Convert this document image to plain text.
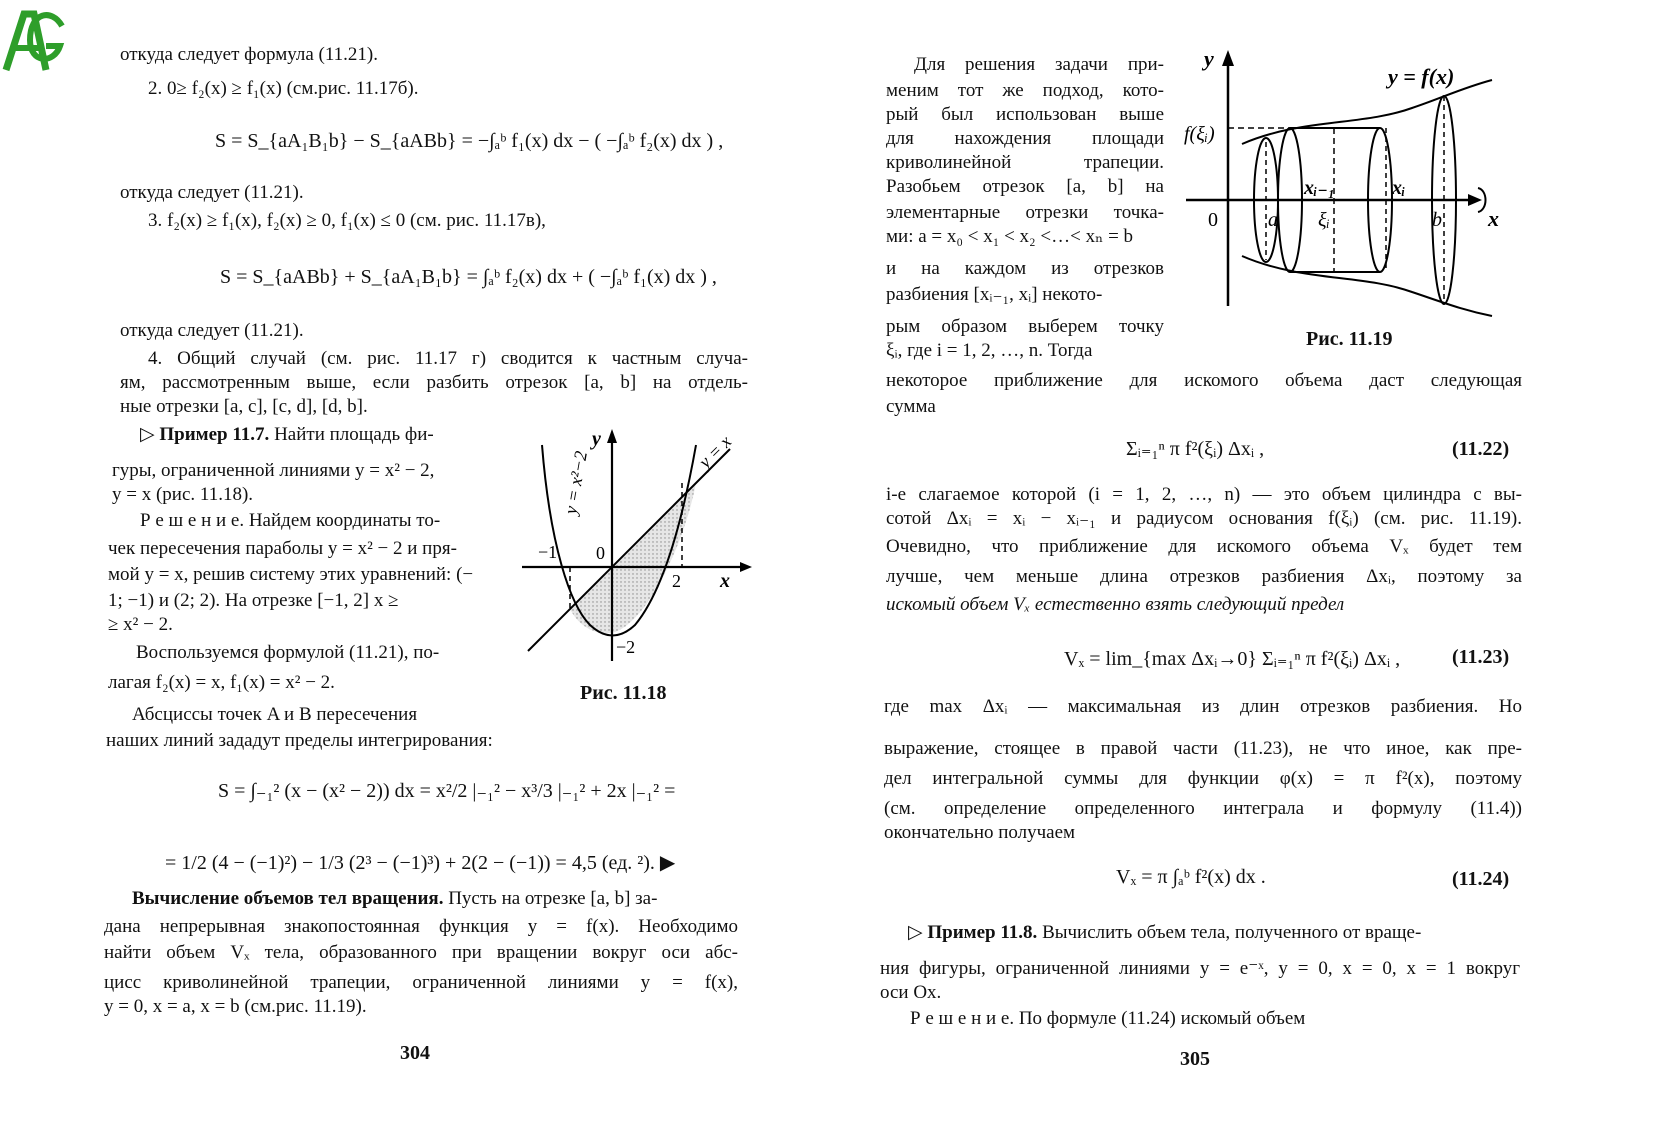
откуда следует формула (11.21).
2. 0≥ f₂(x) ≥ f₁(x) (см.рис. 11.17б).
S = S_{aA₁B₁b} − S_{aABb} = −∫ₐᵇ f₁(x) dx − ( −∫ₐᵇ f₂(x) dx ) ,
откуда следует (11.21).
3. f₂(x) ≥ f₁(x), f₂(x) ≥ 0, f₁(x) ≤ 0 (см. рис. 11.17в),
S = S_{aABb} + S_{aA₁B₁b} = ∫ₐᵇ f₂(x) dx + ( −∫ₐᵇ f₁(x) dx ) ,
откуда следует (11.21).
4. Общий случай (см. рис. 11.17 г) сводится к частным случа-
ям, рассмотренным выше, если разбить отрезок [a, b] на отдель-
ные отрезки [a, c], [c, d], [d, b].
▷ Пример 11.7. Найти площадь фи-
гуры, ограниченной линиями y = x² − 2,
y = x (рис. 11.18).
Р е ш е н и е. Найдем координаты то-
чек пересечения параболы y = x² − 2 и пря-
мой y = x, решив систему этих уравнений: (−
1; −1) и (2; 2). На отрезке [−1, 2] x ≥
≥ x² − 2.
Воспользуемся формулой (11.21), по-
лагая f₂(x) = x, f₁(x) = x² − 2.
Абсциссы точек A и B пересечения
наших линий зададут пределы интегрирования:
S = ∫₋₁² (x − (x² − 2)) dx = x²/2 |₋₁² − x³/3 |₋₁² + 2x |₋₁² =
= 1/2 (4 − (−1)²) − 1/3 (2³ − (−1)³) + 2(2 − (−1)) = 4,5 (ед. ²). ▶
Вычисление объемов тел вращения. Пусть на отрезке [a, b] за-
дана непрерывная знакопостоянная функция y = f(x). Необходимо
найти объем Vₓ тела, образованного при вращении вокруг оси абс-
цисс криволинейной трапеции, ограниченной линиями y = f(x),
y = 0, x = a, x = b (см.рис. 11.19).
y
x
−1 0
2
−2
y = x²−2	y = x
Рис. 11.18
304
Для решения задачи при-
меним тот же подход, кото-
рый был использован выше
для нахождения площади
криволинейной трапеции.
Разобьем отрезок [a, b] на
элементарные отрезки точка-
ми: a = x₀ < x₁ < x₂ <…< xₙ = b
и на каждом из отрезков
разбиения [xᵢ₋₁, xᵢ] некото-
рым образом выберем точку
ξᵢ, где i = 1, 2, …, n. Тогда
некоторое приближение для искомого объема даст следующая
сумма
Σᵢ₌₁ⁿ π f²(ξᵢ) Δxᵢ ,	(11.22)
i-е слагаемое которой (i = 1, 2, …, n) — это объем цилиндра с вы-
сотой Δxᵢ = xᵢ − xᵢ₋₁ и радиусом основания f(ξᵢ) (см. рис. 11.19).
Очевидно, что приближение для искомого объема Vₓ будет тем
лучше, чем меньше длина отрезков разбиения Δxᵢ, поэтому за
искомый объем Vₓ естественно взять следующий предел
Vₓ = lim_{max Δxᵢ→0} Σᵢ₌₁ⁿ π f²(ξᵢ) Δxᵢ ,	(11.23)
где max Δxᵢ — максимальная из длин отрезков разбиения. Но
выражение, стоящее в правой части (11.23), не что иное, как пре-
дел интегральной суммы для функции φ(x) = π f²(x), поэтому
(см. определение определенного интеграла и формулу (11.4))
окончательно получаем
Vₓ = π ∫ₐᵇ f²(x) dx .	(11.24)
▷ Пример 11.8. Вычислить объем тела, полученного от враще-
ния фигуры, ограниченной линиями y = e⁻ˣ, y = 0, x = 0, x = 1 вокруг
оси Ox.
Р е ш е н и е. По формуле (11.24) искомый объем
y
x
y = f(x)
f(ξᵢ)
0	a	b
xᵢ₋₁	xᵢ
ξᵢ
Рис. 11.19
305
